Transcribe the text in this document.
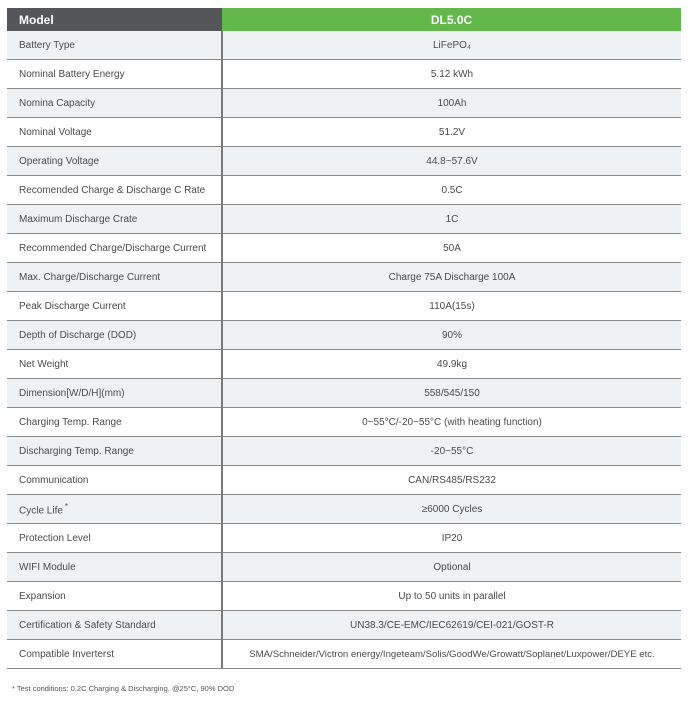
Model	DL5.0C
Battery Type	LiFePO₄
Nominal Battery Energy	5.12 kWh
Nomina Capacity	100Ah
Nominal Voltage	51.2V
Operating Voltage	44.8~57.6V
Recomended Charge & Discharge C Rate	0.5C
Maximum Discharge Crate	1C
Recommended Charge/Discharge Current	50A
Max. Charge/Discharge Current	Charge 75A Discharge 100A
Peak Discharge Current	110A(15s)
Depth of Discharge (DOD)	90%
Net Weight	49.9kg
Dimension[W/D/H](mm)	558/545/150
Charging Temp. Range	0~55°C/-20~55°C (with heating function)
Discharging Temp. Range	-20~55°C
Communication	CAN/RS485/RS232
Cycle Life *	≥6000 Cycles
Protection Level	IP20
WIFI Module	Optional
Expansion	Up to 50 units in parallel
Certification & Safety Standard	UN38.3/CE-EMC/IEC62619/CEI-021/GOST-R
Compatible Inverterst	SMA/Schneider/Victron energy/Ingeteam/Solis/GoodWe/Growatt/Soplanet/Luxpower/DEYE etc.
* Test conditions: 0.2C Charging & Discharging. @25°C, 90% DOD
